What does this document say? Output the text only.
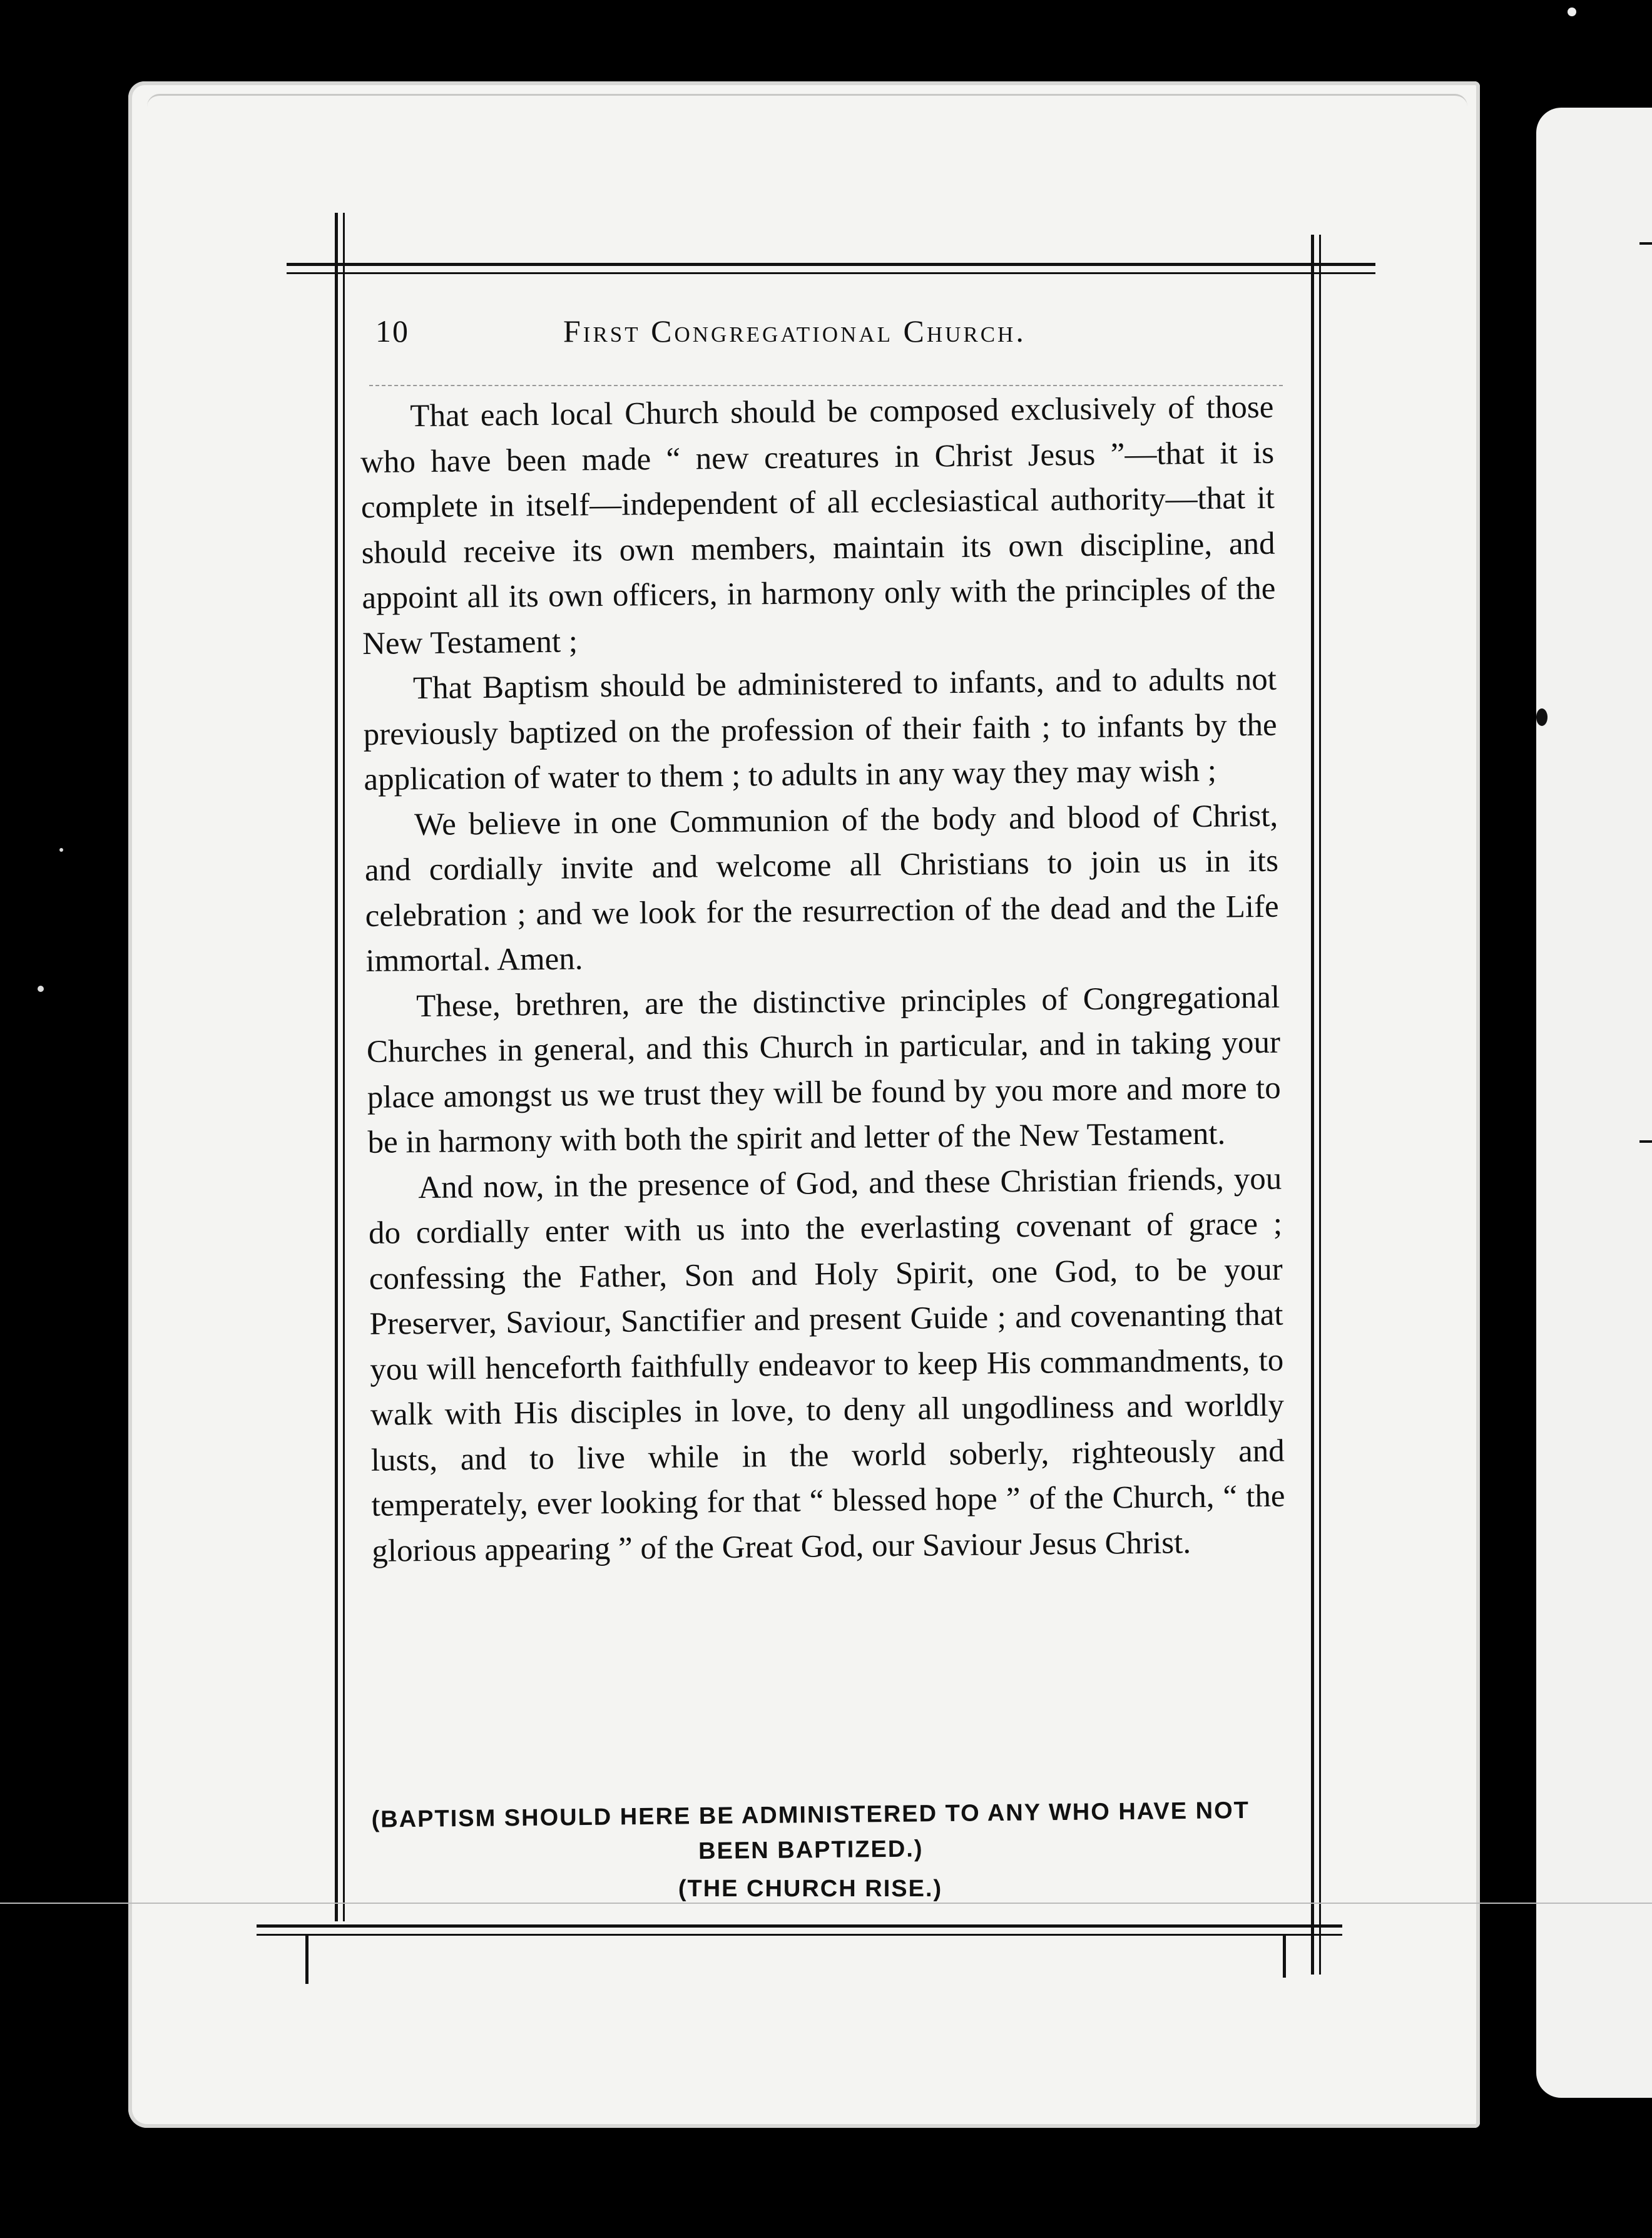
10	First Congregational Church.

That each local Church should be composed exclusively of those who have been made “ new creatures in Christ Jesus ”—that it is complete in itself—independent of all ecclesiastical authority—that it should receive its own members, maintain its own discipline, and appoint all its own officers, in harmony only with the principles of the New Testament ;

That Baptism should be administered to infants, and to adults not previously baptized on the profession of their faith ; to infants by the application of water to them ; to adults in any way they may wish ;

We believe in one Communion of the body and blood of Christ, and cordially invite and welcome all Christians to join us in its celebration ; and we look for the resurrection of the dead and the Life immortal. Amen.

These, brethren, are the distinctive principles of Congregational Churches in general, and this Church in particular, and in taking your place amongst us we trust they will be found by you more and more to be in harmony with both the spirit and letter of the New Testament.

And now, in the presence of God, and these Christian friends, you do cordially enter with us into the everlasting covenant of grace ; confessing the Father, Son and Holy Spirit, one God, to be your Preserver, Saviour, Sanctifier and present Guide ; and covenanting that you will henceforth faithfully endeavor to keep His commandments, to walk with His disciples in love, to deny all ungodliness and worldly lusts, and to live while in the world soberly, righteously and temperately, ever looking for that “ blessed hope ” of the Church, “ the glorious appearing ” of the Great God, our Saviour Jesus Christ.

(BAPTISM SHOULD HERE BE ADMINISTERED TO ANY WHO HAVE NOT BEEN BAPTIZED.)
(THE CHURCH RISE.)
